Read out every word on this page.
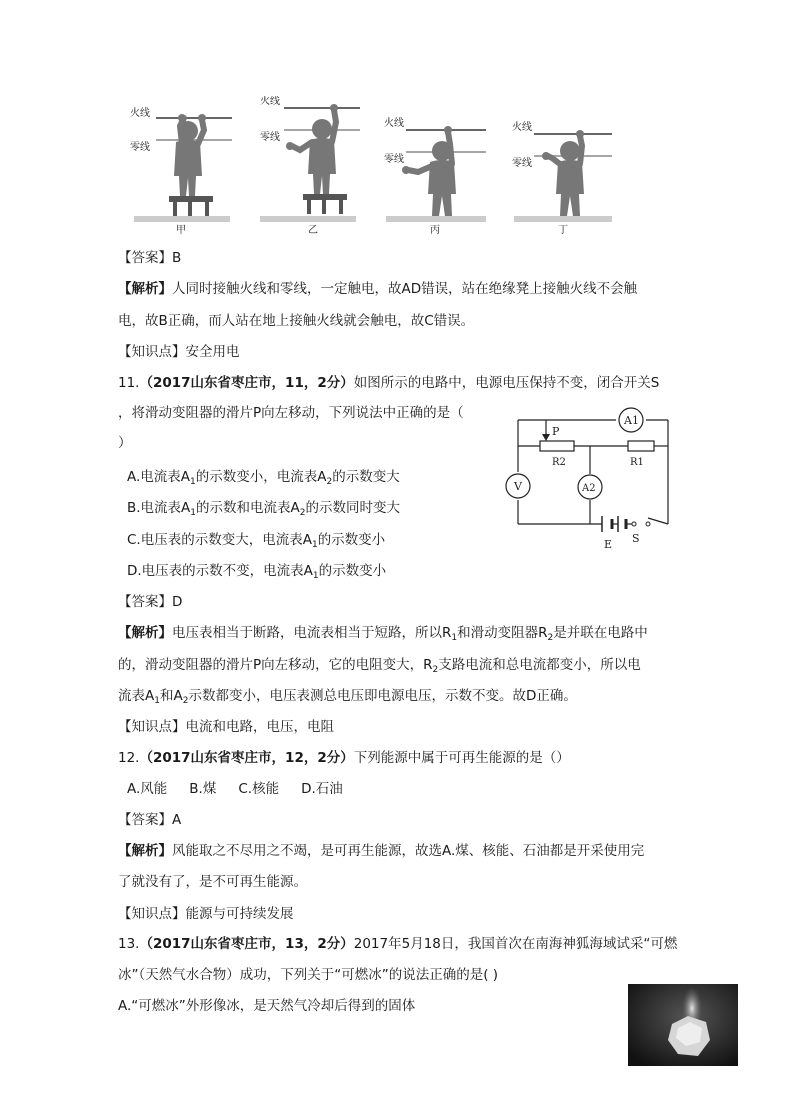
火线
零线
甲
火线
零线
乙
火线
零线
丙
火线
零线
丁
【答案】B
【解析】人同时接触火线和零线，一定触电，故AD错误，站在绝缘凳上接触火线不会触
电，故B正确，而人站在地上接触火线就会触电，故C错误。
【知识点】安全用电
11.（2017山东省枣庄市，11，2分）如图所示的电路中，电源电压保持不变，闭合开关S
，将滑动变阻器的滑片P向左移动，下列说法中正确的是（
）
A.电流表$A_1$的示数变小，电流表$A_2$的示数变大
B.电流表$A_1$的示数和电流表$A_2$的示数同时变大
C.电压表的示数变大，电流表$A_1$的示数变小
D.电压表的示数不变，电流表$A_1$的示数变小
A1
V	A2
P
R2	R1
E S
【答案】D
【解析】电压表相当于断路，电流表相当于短路，所以$R_1$和滑动变阻器$R_2$是并联在电路中
的，滑动变阻器的滑片P向左移动，它的电阻变大，$R_2$支路电流和总电流都变小，所以电
流表$A_1$和$A_2$示数都变小，电压表测总电压即电源电压，示数不变。故D正确。
【知识点】电流和电路，电压，电阻
12.（2017山东省枣庄市，12，2分）下列能源中属于可再生能源的是（）
A.风能 B.煤 C.核能 D.石油
【答案】A
【解析】风能取之不尽用之不竭，是可再生能源，故选A.煤、核能、石油都是开采使用完
了就没有了，是不可再生能源。
【知识点】能源与可持续发展
13.（2017山东省枣庄市，13，2分）2017年5月18日，我国首次在南海神狐海域试采“可燃
冰”（天然气水合物）成功，下列关于“可燃冰”的说法正确的是( )
A.“可燃冰”外形像冰，是天然气冷却后得到的固体
